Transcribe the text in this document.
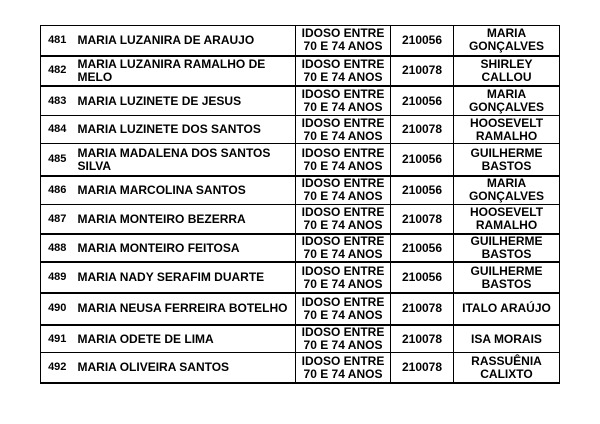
481	MARIA LUZANIRA DE ARAUJO	IDOSO ENTRE
70 E 74 ANOS	210056	MARIA
GONÇALVES

482	MARIA LUZANIRA RAMALHO DE MELO	IDOSO ENTRE
70 E 74 ANOS	210078	SHIRLEY
CALLOU

483	MARIA LUZINETE DE JESUS	IDOSO ENTRE
70 E 74 ANOS	210056	MARIA
GONÇALVES

484	MARIA LUZINETE DOS SANTOS	IDOSO ENTRE
70 E 74 ANOS	210078	HOOSEVELT
RAMALHO

485	MARIA MADALENA DOS SANTOS SILVA	IDOSO ENTRE
70 E 74 ANOS	210056	GUILHERME
BASTOS

486	MARIA MARCOLINA SANTOS	IDOSO ENTRE
70 E 74 ANOS	210056	MARIA
GONÇALVES

487	MARIA MONTEIRO BEZERRA	IDOSO ENTRE
70 E 74 ANOS	210078	HOOSEVELT
RAMALHO

488	MARIA MONTEIRO FEITOSA	IDOSO ENTRE
70 E 74 ANOS	210056	GUILHERME
BASTOS

489	MARIA NADY SERAFIM DUARTE	IDOSO ENTRE
70 E 74 ANOS	210056	GUILHERME
BASTOS

490	MARIA NEUSA FERREIRA BOTELHO	IDOSO ENTRE
70 E 74 ANOS	210078	ITALO ARAÚJO

491	MARIA ODETE DE LIMA	IDOSO ENTRE
70 E 74 ANOS	210078	ISA MORAIS

492	MARIA OLIVEIRA SANTOS	IDOSO ENTRE
70 E 74 ANOS	210078	RASSUÊNIA
CALIXTO
